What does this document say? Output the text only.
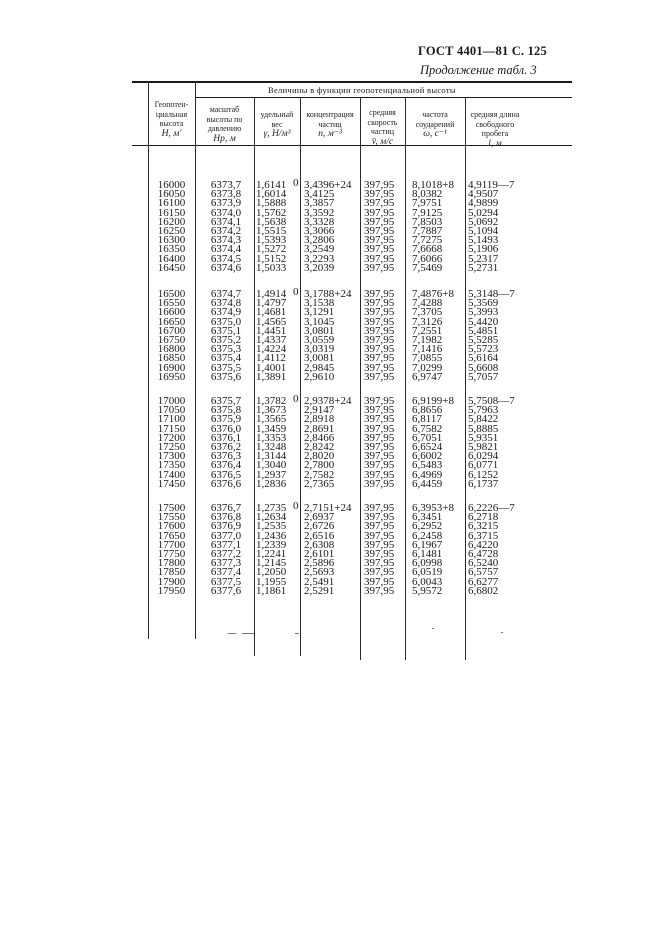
ГОСТ 4401—81 С. 125
Продолжение табл. 3
Величины в функции геопотенциальной высоты
Геопотен-
циальная
высота
H, м'
масштаб
высоты по
давлению
Hp, м
удельный
вес
γ, Н/м³
концентрация
частиц
n, м⁻³
средняя
скорость
частиц
v̄, м/с
частота
соударений
ω, с⁻¹
средняя длина
свободного
пробега
l, м
16000
16050
16100
16150
16200
16250
16300
16350
16400
16450
6373,7
6373,8
6373,9
6374,0
6374,1
6374,2
6374,3
6374,4
6374,5
6374,6
1,6141
1,6014
1,5888
1,5762
1,5638
1,5515
1,5393
1,5272
1,5152
1,5033
3,4396+24
3,4125
3,3857
3,3592
3,3328
3,3066
3,2806
3,2549
3,2293
3,2039
397,95
397,95
397,95
397,95
397,95
397,95
397,95
397,95
397,95
397,95
8,1018+8
8,0382
7,9751
7,9125
7,8503
7,7887
7,7275
7,6668
7,6066
7,5469
4,9119—7
4,9507
4,9899
5,0294
5,0692
5,1094
5,1493
5,1906
5,2317
5,2731
0
16500
16550
16600
16650
16700
16750
16800
16850
16900
16950
6374,7
6374,8
6374,9
6375,0
6375,1
6375,2
6375,3
6375,4
6375,5
6375,6
1,4914
1,4797
1,4681
1,4565
1,4451
1,4337
1,4224
1,4112
1,4001
1,3891
3,1788+24
3,1538
3,1291
3,1045
3,0801
3,0559
3,0319
3,0081
2,9845
2,9610
397,95
397,95
397,95
397,95
397,95
397,95
397,95
397,95
397,95
397,95
7,4876+8
7,4288
7,3705
7,3126
7,2551
7,1982
7,1416
7,0855
7,0299
6,9747
5,3148—7
5,3569
5,3993
5,4420
5,4851
5,5285
5,5723
5,6164
5,6608
5,7057
0
17000
17050
17100
17150
17200
17250
17300
17350
17400
17450
6375,7
6375,8
6375,9
6376,0
6376,1
6376,2
6376,3
6376,4
6376,5
6376,6
1,3782
1,3673
1,3565
1,3459
1,3353
1,3248
1,3144
1,3040
1,2937
1,2836
2,9378+24
2,9147
2,8918
2,8691
2,8466
2,8242
2,8020
2,7800
2,7582
2,7365
397,95
397,95
397,95
397,95
397,95
397,95
397,95
397,95
397,95
397,95
6,9199+8
6,8656
6,8117
6,7582
6,7051
6,6524
6,6002
6,5483
6,4969
6,4459
5,7508—7
5,7963
5,8422
5,8885
5,9351
5,9821
6,0294
6,0771
6,1252
6,1737
0
17500
17550
17600
17650
17700
17750
17800
17850
17900
17950
6376,7
6376,8
6376,9
6377,0
6377,1
6377,2
6377,3
6377,4
6377,5
6377,6
1,2735
1,2634
1,2535
1,2436
1,2339
1,2241
1,2145
1,2050
1,1955
1,1861
2,7151+24
2,6937
2,6726
2,6516
2,6308
2,6101
2,5896
2,5693
2,5491
2,5291
397,95
397,95
397,95
397,95
397,95
397,95
397,95
397,95
397,95
397,95
6,3953+8
6,3451
6,2952
6,2458
6,1967
6,1481
6,0998
6,0519
6,0043
5,9572
6,2226—7
6,2718
6,3215
6,3715
6,4220
6,4728
6,5240
6,5757
6,6277
6,6802
0
